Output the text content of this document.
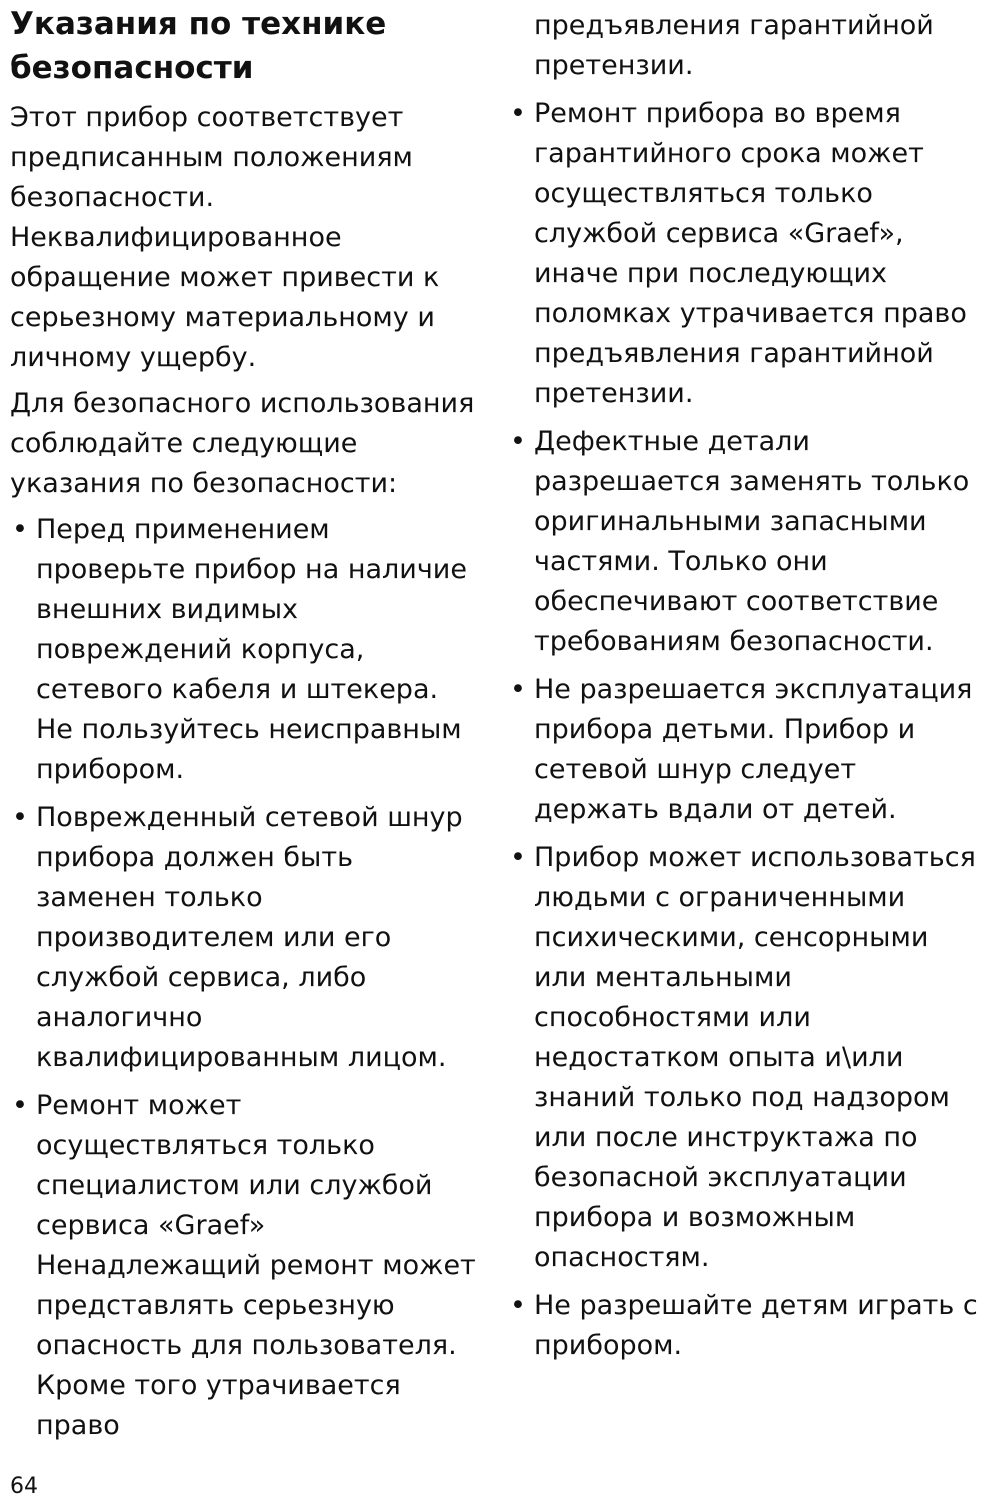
Указания по технике безопасности

Этот прибор соответствует предписанным положениям безопасности. Неквалифицированное обращение может привести к серьезному материальному и личному ущербу.

Для безопасного использования соблюдайте следующие указания по безопасности:

• Перед применением проверьте прибор на наличие внешних видимых повреждений корпуса, сетевого кабеля и штекера. Не пользуйтесь неисправным прибором.
• Поврежденный сетевой шнур прибора должен быть заменен только производителем или его службой сервиса, либо аналогично квалифицированным лицом.
• Ремонт может осуществляться только специалистом или службой сервиса «Graef» Ненадлежащий ремонт может представлять серьезную опасность для пользователя. Кроме того утрачивается право
предъявления гарантийной претензии.
• Ремонт прибора во время гарантийного срока может осуществляться только службой сервиса «Graef», иначе при последующих поломках утрачивается право предъявления гарантийной претензии.
• Дефектные детали разрешается заменять только оригинальными запасными частями. Только они обеспечивают соответствие требованиям безопасности.
• Не разрешается эксплуатация прибора детьми. Прибор и сетевой шнур следует держать вдали от детей.
• Прибор может использоваться людьми с ограниченными психическими, сенсорными или ментальными способностями или недостатком опыта и\или знаний только под надзором или после инструктажа по безопасной эксплуатации прибора и возможным опасностям.
• Не разрешайте детям играть с прибором.
64
